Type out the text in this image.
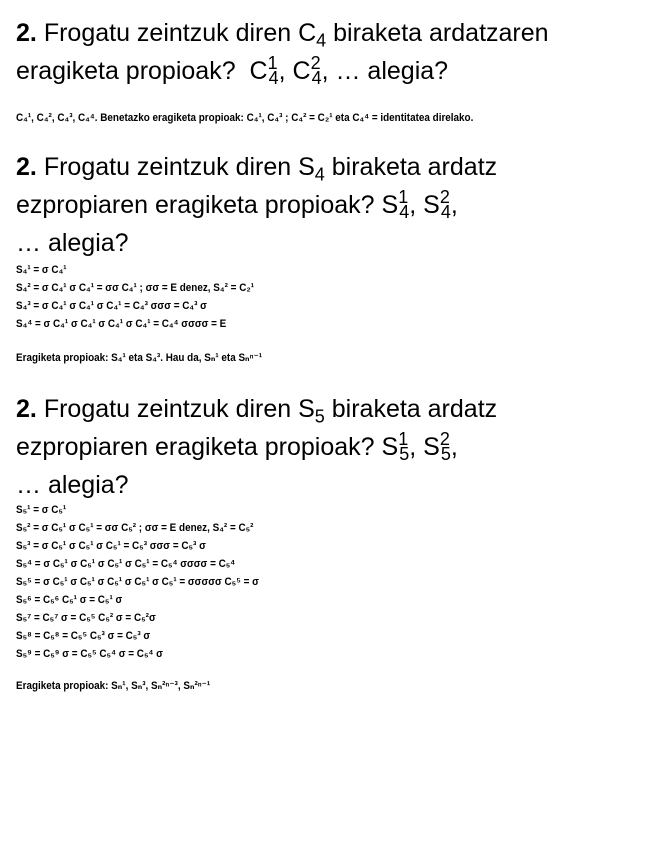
2. Frogatu zeintzuk diren $C_4$ biraketa ardatzaren
eragiketa propioak? $C^1_4$, $C^2_4$, … alegia?
C₄¹, C₄², C₄³, C₄⁴. Benetazko eragiketa propioak: C₄¹, C₄³ ; C₄² = C₂¹ eta C₄⁴ = identitatea direlako.
2. Frogatu zeintzuk diren $S_4$ biraketa ardatz
ezpropiaren eragiketa propioak? $S^1_4$, $S^2_4$,
… alegia?
S₄¹ = σ C₄¹
S₄² = σ C₄¹ σ C₄¹ = σσ C₄¹ ; σσ = E denez, S₄² = C₂¹
S₄³ = σ C₄¹ σ C₄¹ σ C₄¹ = C₄³ σσσ = C₄³ σ
S₄⁴ = σ C₄¹ σ C₄¹ σ C₄¹ σ C₄¹ = C₄⁴ σσσσ = E
Eragiketa propioak: S₄¹ eta S₄³. Hau da, Sₙ¹ eta Sₙⁿ⁻¹
2. Frogatu zeintzuk diren $S_5$ biraketa ardatz
ezpropiaren eragiketa propioak? $S^1_5$, $S^2_5$,
… alegia?
S₅¹ = σ C₅¹
S₅² = σ C₅¹ σ C₅¹ = σσ C₅² ; σσ = E denez, S₄² = C₅²
S₅³ = σ C₅¹ σ C₅¹ σ C₅¹ = C₅³ σσσ = C₅³ σ
S₅⁴ = σ C₅¹ σ C₅¹ σ C₅¹ σ C₅¹ = C₅⁴ σσσσ = C₅⁴
S₅⁵ = σ C₅¹ σ C₅¹ σ C₅¹ σ C₅¹ σ C₅¹ = σσσσσ C₅⁵ = σ
S₅⁶ = C₅⁶ C₅¹ σ = C₅¹ σ
S₅⁷ = C₅⁷ σ = C₅⁵ C₅² σ = C₅²σ
S₅⁸ = C₅⁸ = C₅⁵ C₅³ σ = C₅³ σ
S₅⁹ = C₅⁹ σ = C₅⁵ C₅⁴ σ = C₅⁴ σ
Eragiketa propioak: Sₙ¹, Sₙ³, Sₙ²ⁿ⁻³, Sₙ²ⁿ⁻¹
